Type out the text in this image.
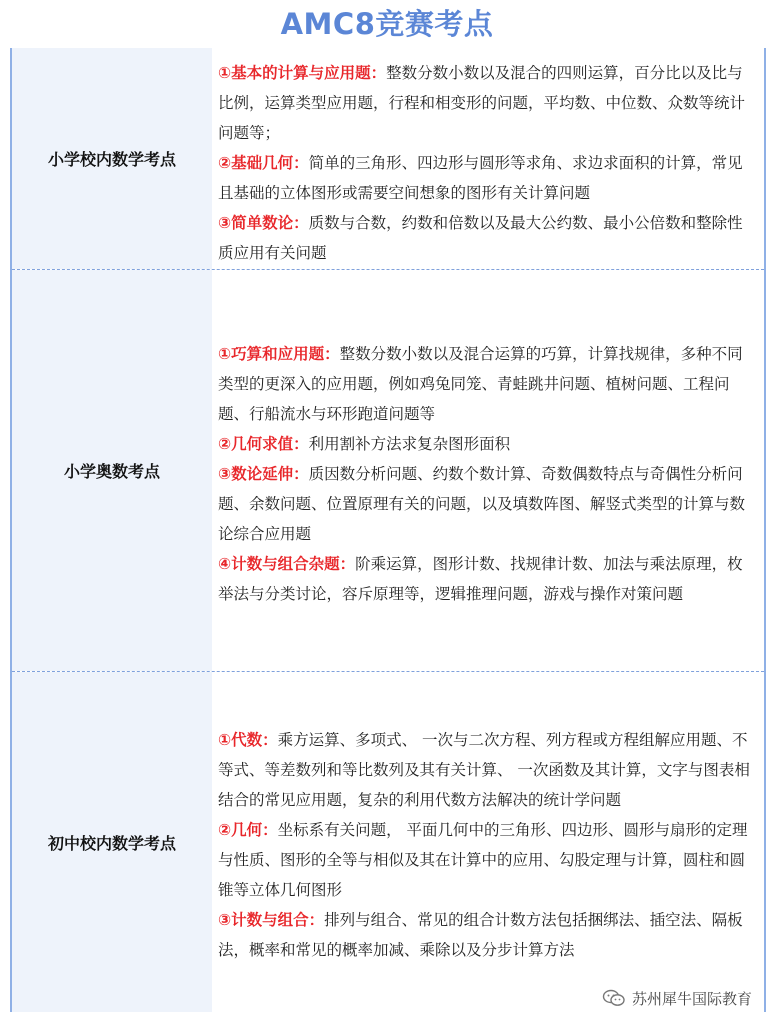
AMC8竞赛考点
小学校内数学考点

①基本的计算与应用题：整数分数小数以及混合的四则运算，百分比以及比与比例，运算类型应用题，行程和相变形的问题，平均数、中位数、众数等统计问题等；

②基础几何：简单的三角形、四边形与圆形等求角、求边求面积的计算，常见且基础的立体图形或需要空间想象的图形有关计算问题

③简单数论：质数与合数，约数和倍数以及最大公约数、最小公倍数和整除性质应用有关问题

小学奥数考点

①巧算和应用题：整数分数小数以及混合运算的巧算，计算找规律，多种不同类型的更深入的应用题，例如鸡兔同笼、青蛙跳井问题、植树问题、工程问题、行船流水与环形跑道问题等

②几何求值：利用割补方法求复杂图形面积

③数论延伸：质因数分析问题、约数个数计算、奇数偶数特点与奇偶性分析问题、余数问题、位置原理有关的问题，以及填数阵图、解竖式类型的计算与数论综合应用题

④计数与组合杂题：阶乘运算，图形计数、找规律计数、加法与乘法原理，枚举法与分类讨论，容斥原理等，逻辑推理问题，游戏与操作对策问题

初中校内数学考点

①代数：乘方运算、多项式、 一次与二次方程、列方程或方程组解应用题、不等式、等差数列和等比数列及其有关计算、 一次函数及其计算，文字与图表相结合的常见应用题，复杂的利用代数方法解决的统计学问题

②几何：坐标系有关问题， 平面几何中的三角形、四边形、圆形与扇形的定理与性质、图形的全等与相似及其在计算中的应用、勾股定理与计算，圆柱和圆锥等立体几何图形

③计数与组合：排列与组合、常见的组合计数方法包括捆绑法、插空法、隔板法，概率和常见的概率加减、乘除以及分步计算方法

苏州犀牛国际教育
